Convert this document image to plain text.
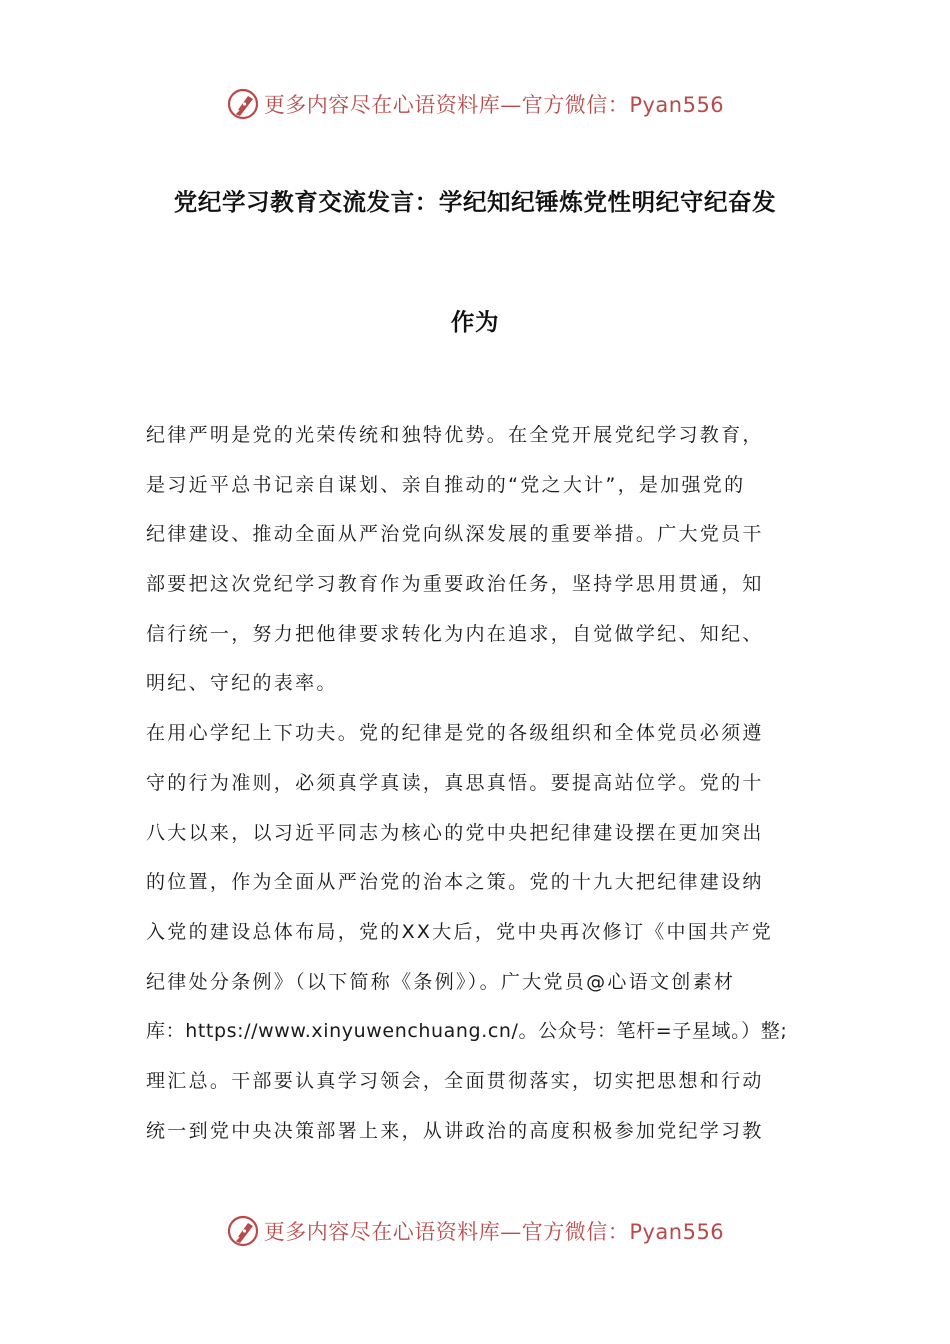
更多内容尽在心语资料库—官方微信：Pyan556
党纪学习教育交流发言：学纪知纪锤炼党性明纪守纪奋发
作为
纪律严明是党的光荣传统和独特优势。在全党开展党纪学习教育，
是习近平总书记亲自谋划、亲自推动的“党之大计”，是加强党的
纪律建设、推动全面从严治党向纵深发展的重要举措。广大党员干
部要把这次党纪学习教育作为重要政治任务，坚持学思用贯通，知
信行统一，努力把他律要求转化为内在追求，自觉做学纪、知纪、
明纪、守纪的表率。
在用心学纪上下功夫。党的纪律是党的各级组织和全体党员必须遵
守的行为准则，必须真学真读，真思真悟。要提高站位学。党的十
八大以来，以习近平同志为核心的党中央把纪律建设摆在更加突出
的位置，作为全面从严治党的治本之策。党的十九大把纪律建设纳
入党的建设总体布局，党的XX大后，党中央再次修订《中国共产党
纪律处分条例》（以下简称《条例》）。广大党员@心语文创素材
库：https://www.xinyuwenchuang.cn/。公众号：笔杆=子星域。）整;
理汇总。干部要认真学习领会，全面贯彻落实，切实把思想和行动
统一到党中央决策部署上来，从讲政治的高度积极参加党纪学习教
更多内容尽在心语资料库—官方微信：Pyan556
